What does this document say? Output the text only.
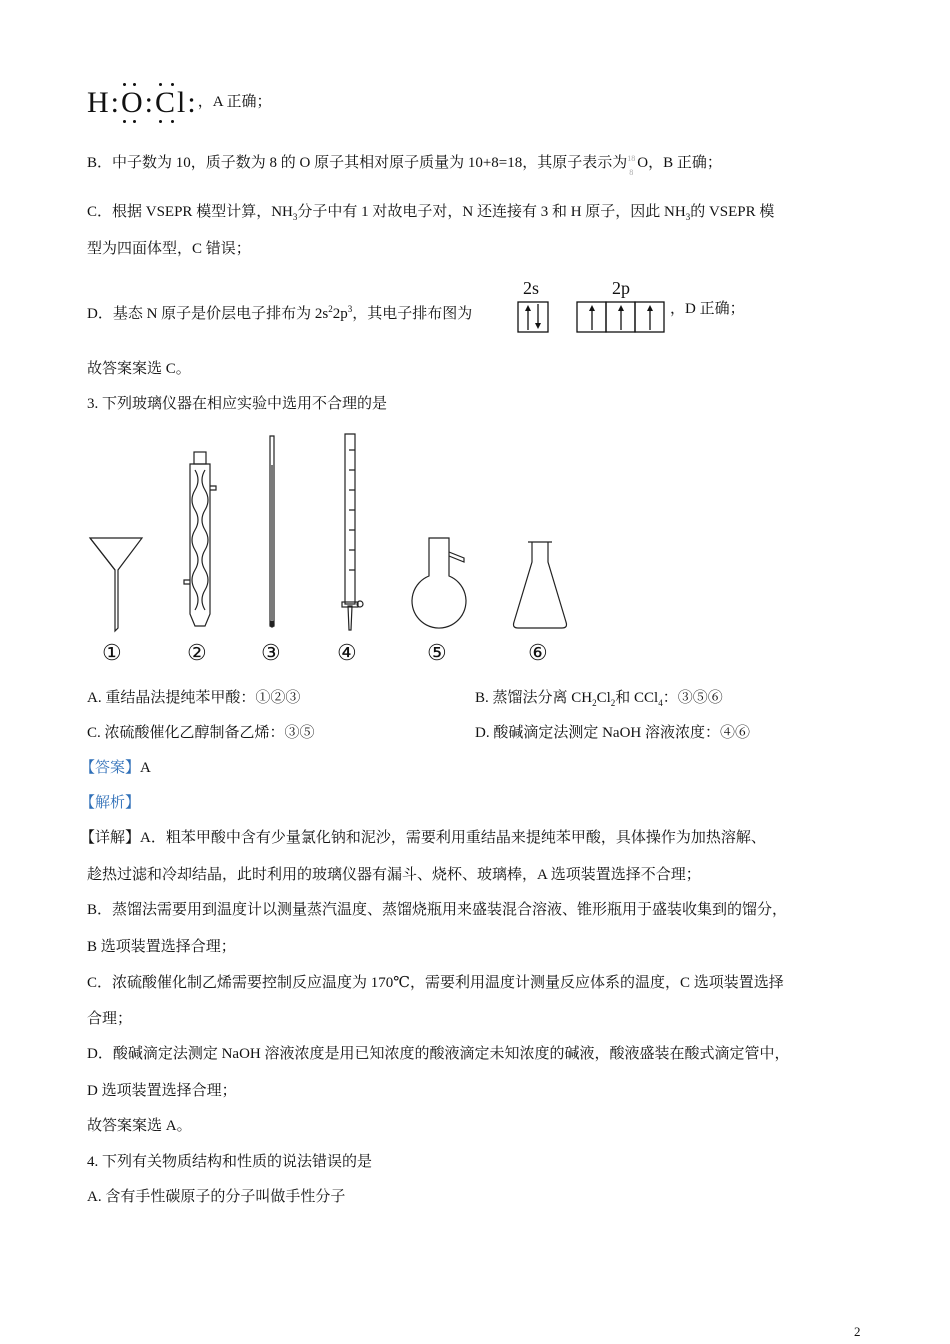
H:O:Cl:
，A 正确；
B．中子数为 10，质子数为 8 的 O 原子其相对原子质量为 10+8=18，其原子表示为 18
8
O，B 正确；
C．根据 VSEPR 模型计算，$NH_3$分子中有 1 对故电子对，N 还连接有 3 和 H 原子，因此 $NH_3$的 VSEPR 模
型为四面体型，C 错误；
D．基态 N 原子是价层电子排布为 $2s^22p^3$，其电子排布图为
2s	2p
，D 正确；
故答案案选 C。
3. 下列玻璃仪器在相应实验中选用不合理的是
①	② ③	④	⑤	⑥
A. 重结晶法提纯苯甲酸：①②③	B. 蒸馏法分离 $CH_2Cl_2$和 CCl$_4$：③⑤⑥
C. 浓硫酸催化乙醇制备乙烯：③⑤	D. 酸碱滴定法测定 NaOH 溶液浓度：④⑥
【答案】A
【解析】
【详解】A．粗苯甲酸中含有少量氯化钠和泥沙，需要利用重结晶来提纯苯甲酸，具体操作为加热溶解、
趁热过滤和冷却结晶，此时利用的玻璃仪器有漏斗、烧杯、玻璃棒，A 选项装置选择不合理；
B．蒸馏法需要用到温度计以测量蒸汽温度、蒸馏烧瓶用来盛装混合溶液、锥形瓶用于盛装收集到的馏分，
B 选项装置选择合理；
C．浓硫酸催化制乙烯需要控制反应温度为 170℃，需要利用温度计测量反应体系的温度，C 选项装置选择
合理；
D．酸碱滴定法测定 NaOH 溶液浓度是用已知浓度的酸液滴定未知浓度的碱液，酸液盛装在酸式滴定管中，
D 选项装置选择合理；
故答案案选 A。
4. 下列有关物质结构和性质的说法错误的是
A. 含有手性碳原子的分子叫做手性分子
2
